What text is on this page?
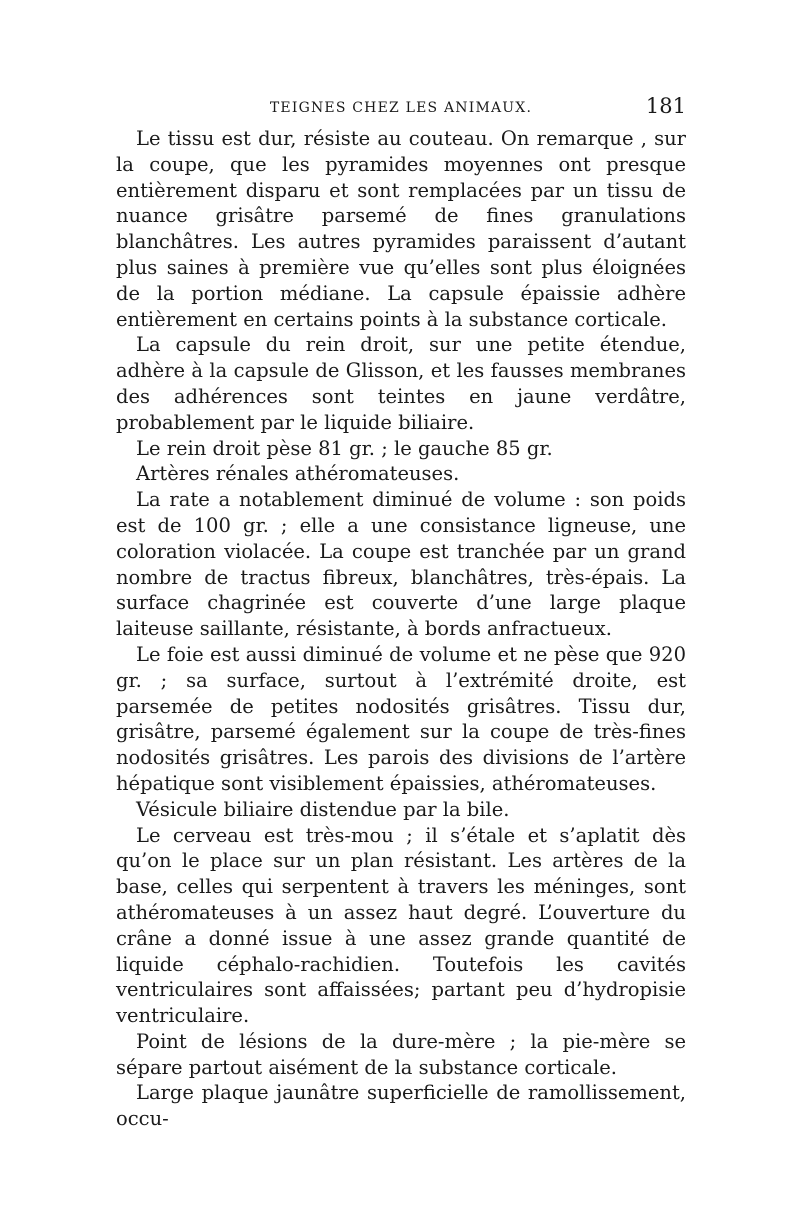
TEIGNES CHEZ LES ANIMAUX.	181

Le tissu est dur, résiste au couteau. On remarque , sur la coupe, que les pyramides moyennes ont presque entièrement disparu et sont remplacées par un tissu de nuance grisâtre parsemé de fines granulations blanchâtres. Les autres pyramides paraissent d’autant plus saines à première vue qu’elles sont plus éloignées de la portion médiane. La capsule épaissie adhère entièrement en certains points à la substance corticale.

La capsule du rein droit, sur une petite étendue, adhère à la capsule de Glisson, et les fausses membranes des adhérences sont teintes en jaune verdâtre, probablement par le liquide biliaire.

Le rein droit pèse 81 gr. ; le gauche 85 gr.

Artères rénales athéromateuses.

La rate a notablement diminué de volume : son poids est de 100 gr. ; elle a une consistance ligneuse, une coloration violacée. La coupe est tranchée par un grand nombre de tractus fibreux, blanchâtres, très-épais. La surface chagrinée est couverte d’une large plaque laiteuse saillante, résistante, à bords anfractueux.

Le foie est aussi diminué de volume et ne pèse que 920 gr. ; sa surface, surtout à l’extrémité droite, est parsemée de petites nodosités grisâtres. Tissu dur, grisâtre, parsemé également sur la coupe de très-fines nodosités grisâtres. Les parois des divisions de l’artère hépatique sont visiblement épaissies, athéromateuses.

Vésicule biliaire distendue par la bile.

Le cerveau est très-mou ; il s’étale et s’aplatit dès qu’on le place sur un plan résistant. Les artères de la base, celles qui serpentent à travers les méninges, sont athéromateuses à un assez haut degré. L’ouverture du crâne a donné issue à une assez grande quantité de liquide céphalo-rachidien. Toutefois les cavités ventriculaires sont affaissées; partant peu d’hydropisie ventriculaire.

Point de lésions de la dure-mère ; la pie-mère se sépare partout aisément de la substance corticale.

Large plaque jaunâtre superficielle de ramollissement, occu-
